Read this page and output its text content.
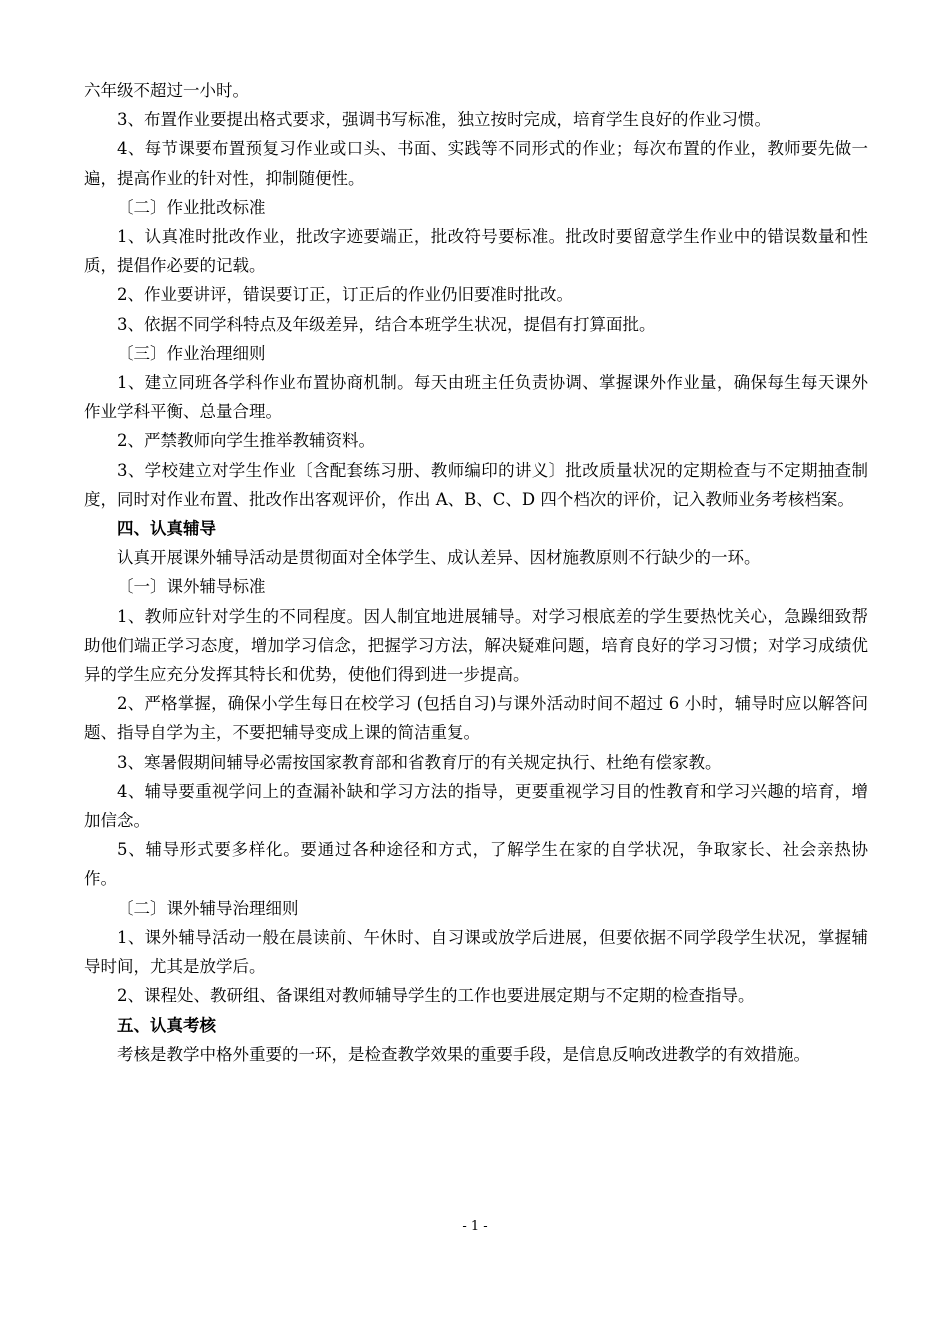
六年级不超过一小时。

3、布置作业要提出格式要求，强调书写标准，独立按时完成，培育学生良好的作业习惯。

4、每节课要布置预复习作业或口头、书面、实践等不同形式的作业；每次布置的作业，教师要先做一遍，提高作业的针对性，抑制随便性。

〔二〕作业批改标准

1、认真准时批改作业，批改字迹要端正，批改符号要标准。批改时要留意学生作业中的错误数量和性质，提倡作必要的记载。

2、作业要讲评，错误要订正，订正后的作业仍旧要准时批改。

3、依据不同学科特点及年级差异，结合本班学生状况，提倡有打算面批。

〔三〕作业治理细则

1、建立同班各学科作业布置协商机制。每天由班主任负责协调、掌握课外作业量，确保每生每天课外作业学科平衡、总量合理。

2、严禁教师向学生推举教辅资料。

3、学校建立对学生作业〔含配套练习册、教师编印的讲义〕批改质量状况的定期检查与不定期抽查制度，同时对作业布置、批改作出客观评价，作出 A、B、C、D 四个档次的评价，记入教师业务考核档案。

四、认真辅导

认真开展课外辅导活动是贯彻面对全体学生、成认差异、因材施教原则不行缺少的一环。

〔一〕课外辅导标准

1、教师应针对学生的不同程度。因人制宜地进展辅导。对学习根底差的学生要热忱关心，急躁细致帮助他们端正学习态度，增加学习信念，把握学习方法，解决疑难问题，培育良好的学习习惯；对学习成绩优异的学生应充分发挥其特长和优势，使他们得到进一步提高。

2、严格掌握，确保小学生每日在校学习 (包括自习)与课外活动时间不超过 6 小时，辅导时应以解答问题、指导自学为主，不要把辅导变成上课的简洁重复。

3、寒暑假期间辅导必需按国家教育部和省教育厅的有关规定执行、杜绝有偿家教。

4、辅导要重视学问上的查漏补缺和学习方法的指导，更要重视学习目的性教育和学习兴趣的培育，增加信念。

5、辅导形式要多样化。要通过各种途径和方式，了解学生在家的自学状况，争取家长、社会亲热协作。

〔二〕课外辅导治理细则

1、课外辅导活动一般在晨读前、午休时、自习课或放学后进展，但要依据不同学段学生状况，掌握辅导时间，尤其是放学后。

2、课程处、教研组、备课组对教师辅导学生的工作也要进展定期与不定期的检查指导。

五、认真考核

考核是教学中格外重要的一环，是检查教学效果的重要手段，是信息反响改进教学的有效措施。

- 1 -
